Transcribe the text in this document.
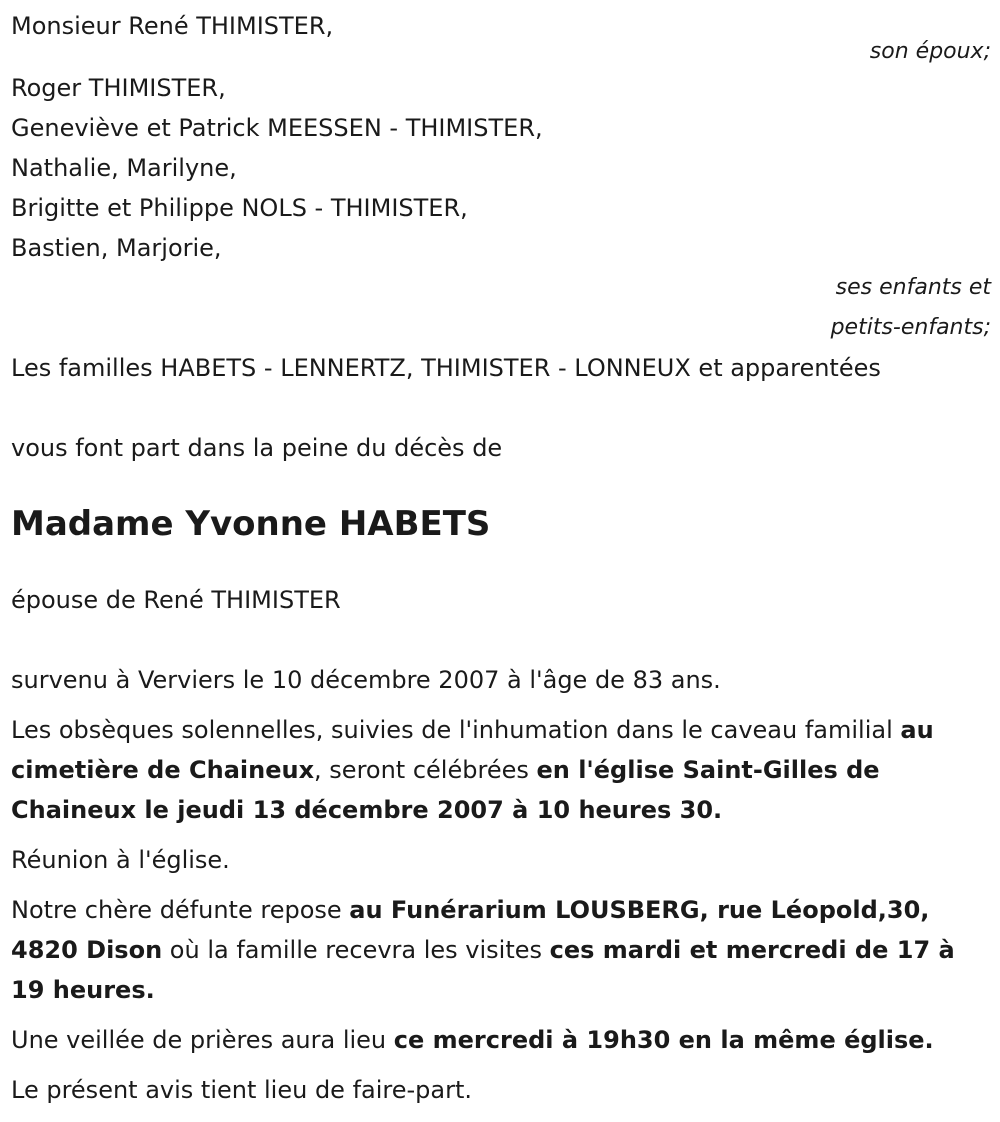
Monsieur René THIMISTER,
son époux;
Roger THIMISTER,
Geneviève et Patrick MEESSEN - THIMISTER,
Nathalie, Marilyne,
Brigitte et Philippe NOLS - THIMISTER,
Bastien, Marjorie,
ses enfants et
petits-enfants;
Les familles HABETS - LENNERTZ, THIMISTER - LONNEUX et apparentées
vous font part dans la peine du décès de
Madame Yvonne HABETS
épouse de René THIMISTER
survenu à Verviers le 10 décembre 2007 à l'âge de 83 ans.
Les obsèques solennelles, suivies de l'inhumation dans le caveau familial au cimetière de Chaineux, seront célébrées en l'église Saint-Gilles de Chaineux le jeudi 13 décembre 2007 à 10 heures 30.
Réunion à l'église.
Notre chère défunte repose au Funérarium LOUSBERG, rue Léopold,30, 4820 Dison où la famille recevra les visites ces mardi et mercredi de 17 à 19 heures.
Une veillée de prières aura lieu ce mercredi à 19h30 en la même église.
Le présent avis tient lieu de faire-part.
